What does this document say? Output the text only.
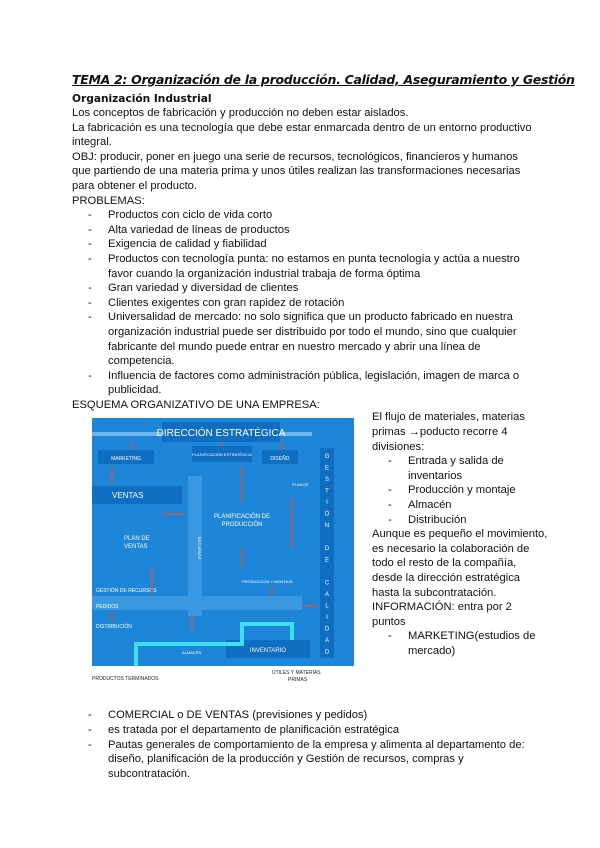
TEMA 2: Organización de la producción. Calidad, Aseguramiento y Gestión
Organización Industrial

Los conceptos de fabricación y producción no deben estar aislados.

La fabricación es una tecnología que debe estar enmarcada dentro de un entorno productivo integral.

OBJ: producir, poner en juego una serie de recursos, tecnológicos, financieros y humanos que partiendo de una materia prima y unos útiles realizan las transformaciones necesarias para obtener el producto.

PROBLEMAS:

- Productos con ciclo de vida corto
- Alta variedad de líneas de productos
- Exigencia de calidad y fiabilidad
- Productos con tecnología punta: no estamos en punta tecnología y actúa a nuestro favor cuando la organización industrial trabaja de forma óptima
- Gran variedad y diversidad de clientes
- Clientes exigentes con gran rapidez de rotación
- Universalidad de mercado: no solo significa que un producto fabricado en nuestra organización industrial puede ser distribuido por todo el mundo, sino que cualquier fabricante del mundo puede entrar en nuestro mercado y abrir una línea de competencia.
- Influencia de factores como administración pública, legislación, imagen de marca o publicidad.

ESQUEMA ORGANIZATIVO DE UNA EMPRESA:

DIRECCIÓN ESTRATÉGICA
MARKETING
PLANIFICACIÓN ESTRATÉGICA
DISEÑO
VENTAS
PLAN DE
VENTAS	RECURSOS
PLANIFICACIÓN DE
PRODUCCIÓN
PLANOS
GESTIÓN DE RECURSOS
PRODUCCIÓN Y MONTAJE
PEDIDOS
DISTRIBUCIÓN
ALMACÉN	INVENTARIO
G
E
S
T
I
Ó
N
D
E
C
A
L
I
D
A
D
PRODUCTOS TERMINADOS
ÚTILES Y MATERIAS
PRIMAS

El flujo de materiales, materias primas →poducto recorre 4 divisiones:

- Entrada y salida de inventarios
- Producción y montaje
- Almacén
- Distribución

Aunque es pequeño el movimiento, es necesario la colaboración de todo el resto de la compañía, desde la dirección estratégica hasta la subcontratación.

INFORMACIÓN: entra por 2 puntos

- MARKETING(estudios de mercado)
- COMERCIAL o DE VENTAS (previsiones y pedidos)
- es tratada por el departamento de planificación estratégica
- Pautas generales de comportamiento de la empresa y alimenta al departamento de: diseño, planificación de la producción y Gestión de recursos, compras y subcontratación.
